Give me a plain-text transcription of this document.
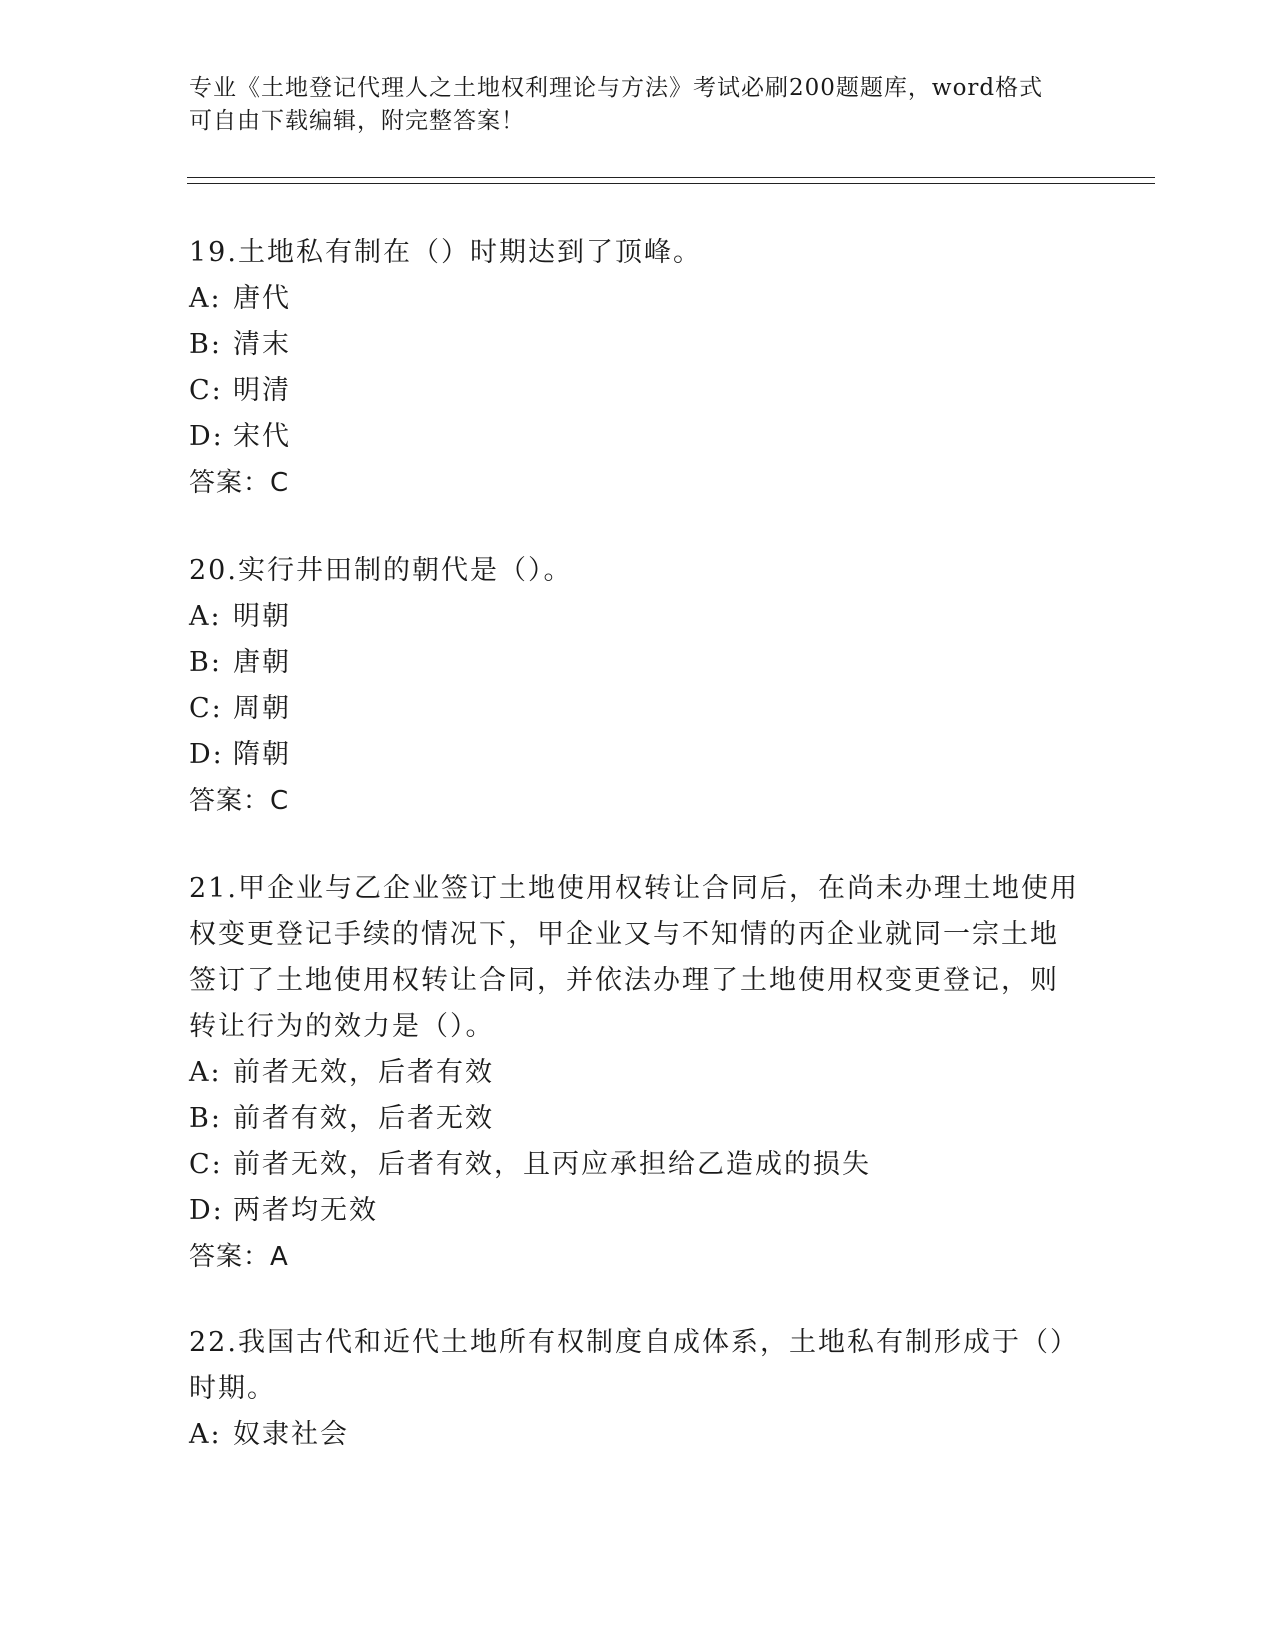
专业《土地登记代理人之土地权利理论与方法》考试必刷200题题库，word格式
可自由下载编辑，附完整答案！
19.土地私有制在（）时期达到了顶峰。
A: 唐代
B: 清末
C: 明清
D: 宋代
答案：C
20.实行井田制的朝代是（）。
A: 明朝
B: 唐朝
C: 周朝
D: 隋朝
答案：C
21.甲企业与乙企业签订土地使用权转让合同后，在尚未办理土地使用
权变更登记手续的情况下，甲企业又与不知情的丙企业就同一宗土地
签订了土地使用权转让合同，并依法办理了土地使用权变更登记，则
转让行为的效力是（）。
A: 前者无效，后者有效
B: 前者有效，后者无效
C: 前者无效，后者有效，且丙应承担给乙造成的损失
D: 两者均无效
答案：A
22.我国古代和近代土地所有权制度自成体系，土地私有制形成于（）
时期。
A: 奴隶社会
